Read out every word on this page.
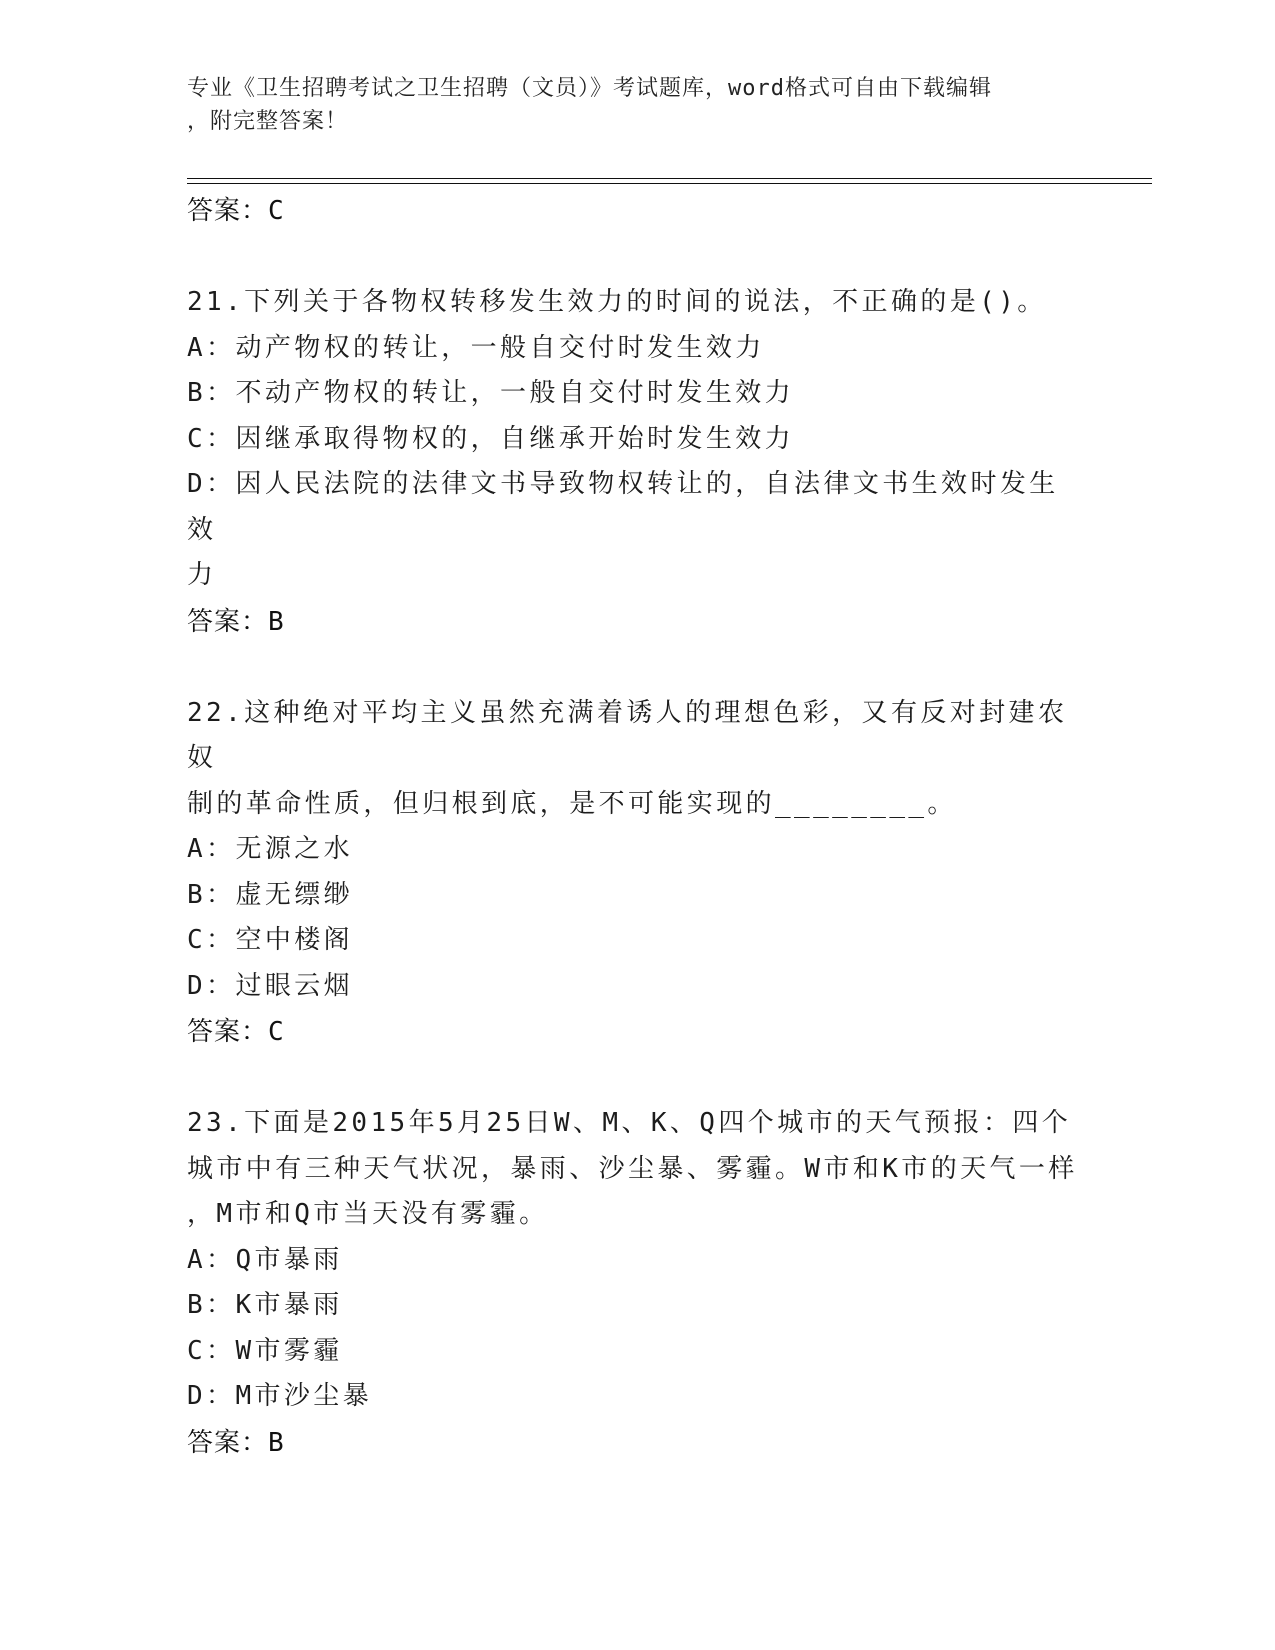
专业《卫生招聘考试之卫生招聘（文员）》考试题库，word格式可自由下载编辑
，附完整答案！
答案：C
21.下列关于各物权转移发生效力的时间的说法，不正确的是()。
A：动产物权的转让，一般自交付时发生效力
B：不动产物权的转让，一般自交付时发生效力
C：因继承取得物权的，自继承开始时发生效力
D：因人民法院的法律文书导致物权转让的，自法律文书生效时发生效
力
答案：B
22.这种绝对平均主义虽然充满着诱人的理想色彩，又有反对封建农奴
制的革命性质，但归根到底，是不可能实现的________。
A：无源之水
B：虚无缥缈
C：空中楼阁
D：过眼云烟
答案：C
23.下面是2015年5月25日W、M、K、Q四个城市的天气预报：四个
城市中有三种天气状况，暴雨、沙尘暴、雾霾。W市和K市的天气一样
，M市和Q市当天没有雾霾。
A：Q市暴雨
B：K市暴雨
C：W市雾霾
D：M市沙尘暴
答案：B
